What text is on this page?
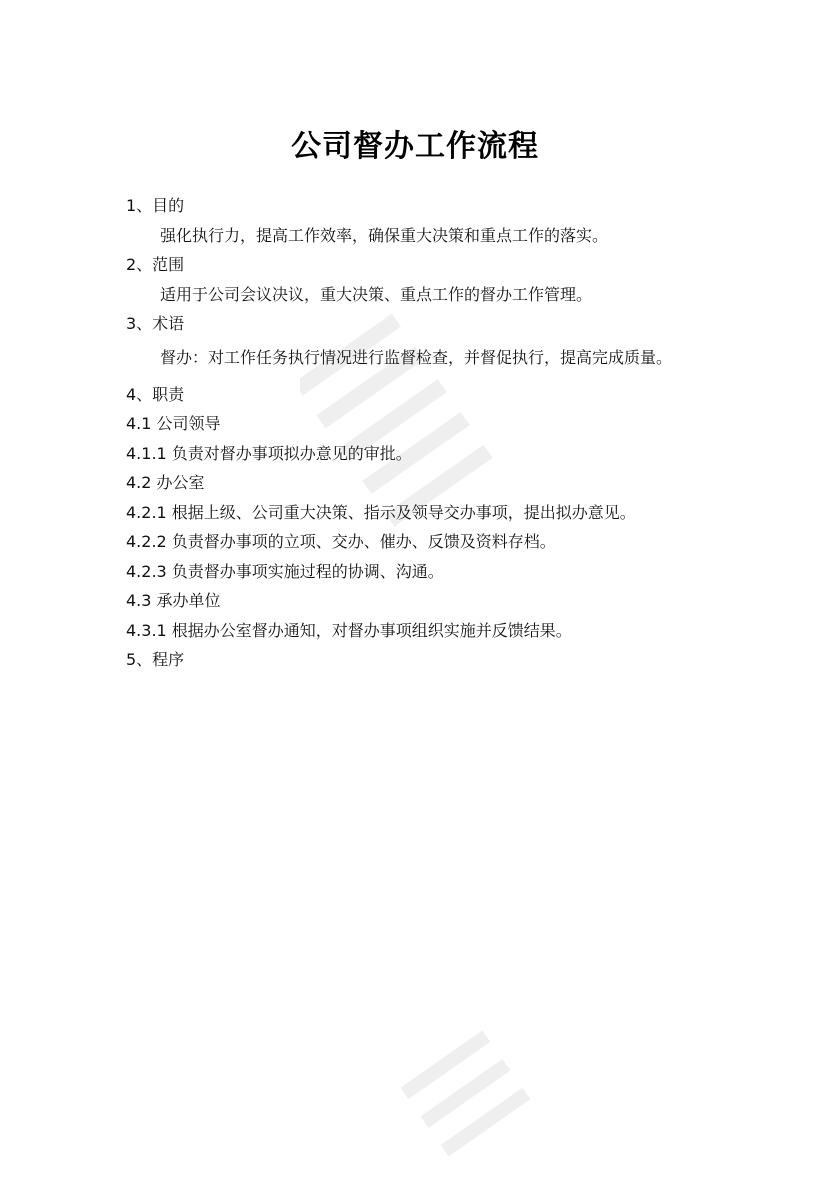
公司督办工作流程
1、目的
强化执行力，提高工作效率，确保重大决策和重点工作的落实。
2、范围
适用于公司会议决议，重大决策、重点工作的督办工作管理。
3、术语
督办：对工作任务执行情况进行监督检查，并督促执行，提高完成质量。
4、职责
4.1 公司领导
4.1.1 负责对督办事项拟办意见的审批。
4.2 办公室
4.2.1 根据上级、公司重大决策、指示及领导交办事项，提出拟办意见。
4.2.2 负责督办事项的立项、交办、催办、反馈及资料存档。
4.2.3 负责督办事项实施过程的协调、沟通。
4.3 承办单位
4.3.1 根据办公室督办通知，对督办事项组织实施并反馈结果。
5、程序
